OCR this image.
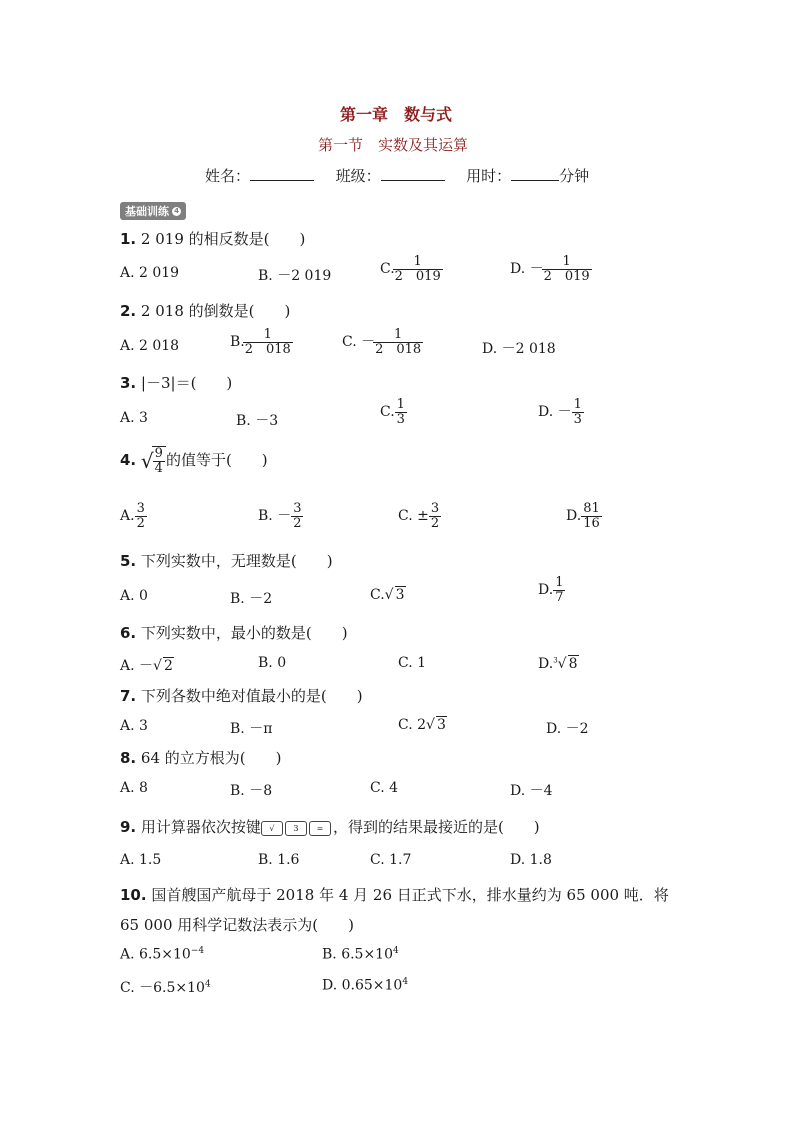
第一章　数与式
第一节　实数及其运算
姓名：	班级：	用时：	分钟
基础训练 4
1. 2 019 的相反数是(　　)
A. 2 019	B. －2 019	C. $\frac{1}{2 019}$	D. － $\frac{1}{2 019}$
2. 2 018 的倒数是(　　)
A. 2 018	B. $\frac{1}{2 018}$	C. － $\frac{1}{2 018}$	D. －2 018
3. |－3|＝(　　)
A. 3	B. －3
C. $\frac{1}{3}$	D. － $\frac{1}{3}$
4. √ $\frac{9}{4}$ 的值等于(　　)
A. $\frac{3}{2}$	B. － $\frac{3}{2}$	C. ± $\frac{3}{2}$	D. $\frac{81}{16}$
5. 下列实数中，无理数是(　　)
A. 0	B. －2	C.√ 3	D. $\frac{1}{7}$
6. 下列实数中，最小的数是(　　)
A. －√ 2	B. 0	C. 1	D.$^3$√ 8
7. 下列各数中绝对值最小的是(　　)
A. 3	B. －π	C. 2√ 3	D. －2
8. 64 的立方根为(　　)
A. 8	B. －8	C. 4	D. －4
9. 用计算器依次按键 √ 3 = ，得到的结果最接近的是(　　)
A. 1.5	B. 1.6	C. 1.7	D. 1.8
10. 国首艘国产航母于 2018 年 4 月 26 日正式下水，排水量约为 65 000 吨．将
65 000 用科学记数法表示为(　　)
A. $6.5\times 10^{-4}$	B. $6.5\times 10^4$
C. $-6.5\times 10^4$	D. $0.65\times 10^4$
